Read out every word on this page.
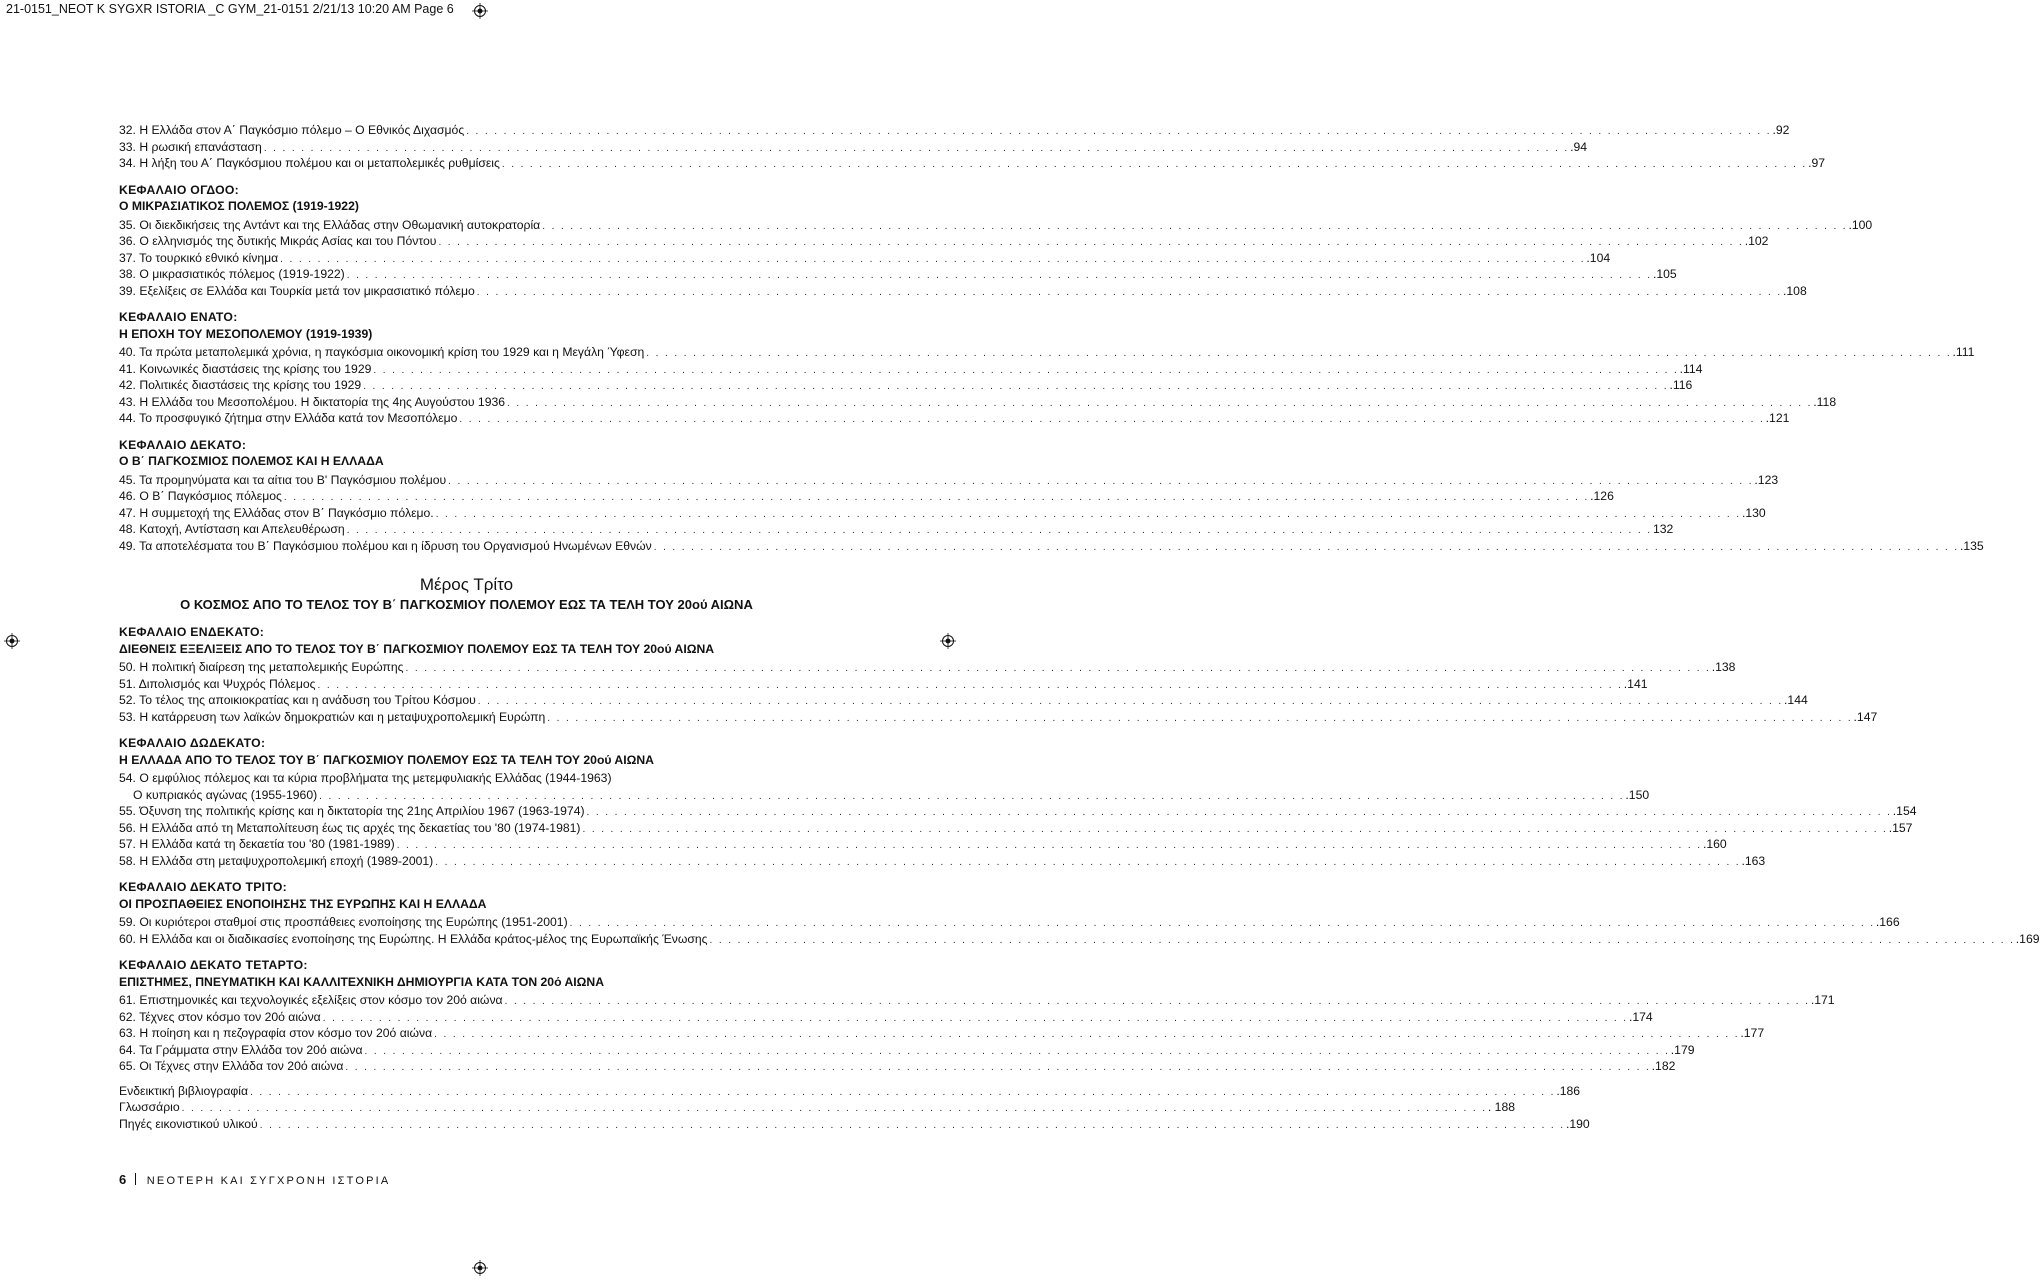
21-0151_NEOT K SYGXR ISTORIA _C GYM_21-0151 2/21/13 10:20 AM Page 6
32. Η Ελλάδα στον Α΄ Παγκόσμιο πόλεμο – Ο Εθνικός Διχασμός . . . . . . . . . . . . . . . . . . . . . . . . . . . . . . . . . . . . . . . . . . . . . . . . . . . . . . . . . . . . . . . . . . . . . . . . . . . . . . . . . . . . . . . . . . . . . . . . . . . . . . . . . . . . . . . . . . . . . . . . . . . . . . . . . . . . . . . . . . . . .92
33. Η ρωσική επανάσταση . . . . . . . . . . . . . . . . . . . . . . . . . . . . . . . . . . . . . . . . . . . . . . . . . . . . . . . . . . . . . . . . . . . . . . . . . . . . . . . . . . . . . . . . . . . . . . . . . . . . . . . . . . . . . . . . . . . . . . . . . . . . . . . . . . . . . . . . . . . . .94
34. Η λήξη του Α΄ Παγκόσμιου πολέμου και οι μεταπολεμικές ρυθμίσεις . . . . . . . . . . . . . . . . . . . . . . . . . . . . . . . . . . . . . . . . . . . . . . . . . . . . . . . . . . . . . . . . . . . . . . . . . . . . . . . . . . . . . . . . . . . . . . . . . . . . . . . . . . . . . . . . . . . . . . . . . . . . . . . . . . . . . . . . . . . . .97
ΚΕΦΑΛΑΙΟ ΟΓΔΟΟ:
Ο ΜΙΚΡΑΣΙΑΤΙΚΟΣ ΠΟΛΕΜΟΣ (1919-1922)
35. Οι διεκδικήσεις της Αντάντ και της Ελλάδας στην Οθωμανική αυτοκρατορία . . . . . . . . . . . . . . . . . . . . . . . . . . . . . . . . . . . . . . . . . . . . . . . . . . . . . . . . . . . . . . . . . . . . . . . . . . . . . . . . . . . . . . . . . . . . . . . . . . . . . . . . . . . . . . . . . . . . . . . . . . . . . . . . . . . . . . . . . . . . .100
36. Ο ελληνισμός της δυτικής Μικράς Ασίας και του Πόντου . . . . . . . . . . . . . . . . . . . . . . . . . . . . . . . . . . . . . . . . . . . . . . . . . . . . . . . . . . . . . . . . . . . . . . . . . . . . . . . . . . . . . . . . . . . . . . . . . . . . . . . . . . . . . . . . . . . . . . . . . . . . . . . . . . . . . . . . . . . . .102
37. Το τουρκικό εθνικό κίνημα . . . . . . . . . . . . . . . . . . . . . . . . . . . . . . . . . . . . . . . . . . . . . . . . . . . . . . . . . . . . . . . . . . . . . . . . . . . . . . . . . . . . . . . . . . . . . . . . . . . . . . . . . . . . . . . . . . . . . . . . . . . . . . . . . . . . . . . . . . . . .104
38. Ο μικρασιατικός πόλεμος (1919-1922) . . . . . . . . . . . . . . . . . . . . . . . . . . . . . . . . . . . . . . . . . . . . . . . . . . . . . . . . . . . . . . . . . . . . . . . . . . . . . . . . . . . . . . . . . . . . . . . . . . . . . . . . . . . . . . . . . . . . . . . . . . . . . . . . . . . . . . . . . . . . .105
39. Εξελίξεις σε Ελλάδα και Τουρκία μετά τον μικρασιατικό πόλεμο . . . . . . . . . . . . . . . . . . . . . . . . . . . . . . . . . . . . . . . . . . . . . . . . . . . . . . . . . . . . . . . . . . . . . . . . . . . . . . . . . . . . . . . . . . . . . . . . . . . . . . . . . . . . . . . . . . . . . . . . . . . . . . . . . . . . . . . . . . . . .108
ΚΕΦΑΛΑΙΟ ΕΝΑΤΟ:
Η ΕΠΟΧΗ ΤΟΥ ΜΕΣΟΠΟΛΕΜΟΥ (1919-1939)
40. Τα πρώτα μεταπολεμικά χρόνια, η παγκόσμια οικονομική κρίση του 1929 και η Μεγάλη Ύφεση . . . . . . . . . . . . . . . . . . . . . . . . . . . . . . . . . . . . . . . . . . . . . . . . . . . . . . . . . . . . . . . . . . . . . . . . . . . . . . . . . . . . . . . . . . . . . . . . . . . . . . . . . . . . . . . . . . . . . . . . . . . . . . . . . . . . . . . . . . . . .111
41. Κοινωνικές διαστάσεις της κρίσης του 1929 . . . . . . . . . . . . . . . . . . . . . . . . . . . . . . . . . . . . . . . . . . . . . . . . . . . . . . . . . . . . . . . . . . . . . . . . . . . . . . . . . . . . . . . . . . . . . . . . . . . . . . . . . . . . . . . . . . . . . . . . . . . . . . . . . . . . . . . . . . . . .114
42. Πολιτικές διαστάσεις της κρίσης του 1929 . . . . . . . . . . . . . . . . . . . . . . . . . . . . . . . . . . . . . . . . . . . . . . . . . . . . . . . . . . . . . . . . . . . . . . . . . . . . . . . . . . . . . . . . . . . . . . . . . . . . . . . . . . . . . . . . . . . . . . . . . . . . . . . . . . . . . . . . . . . . .116
43. Η Ελλάδα του Μεσοπολέμου. Η δικτατορία της 4ης Αυγούστου 1936 . . . . . . . . . . . . . . . . . . . . . . . . . . . . . . . . . . . . . . . . . . . . . . . . . . . . . . . . . . . . . . . . . . . . . . . . . . . . . . . . . . . . . . . . . . . . . . . . . . . . . . . . . . . . . . . . . . . . . . . . . . . . . . . . . . . . . . . . . . . . .118
44. Το προσφυγικό ζήτημα στην Ελλάδα κατά τον Μεσοπόλεμο . . . . . . . . . . . . . . . . . . . . . . . . . . . . . . . . . . . . . . . . . . . . . . . . . . . . . . . . . . . . . . . . . . . . . . . . . . . . . . . . . . . . . . . . . . . . . . . . . . . . . . . . . . . . . . . . . . . . . . . . . . . . . . . . . . . . . . . . . . . . .121
ΚΕΦΑΛΑΙΟ ΔΕΚΑΤΟ:
Ο Β΄ ΠΑΓΚΟΣΜΙΟΣ ΠΟΛΕΜΟΣ ΚΑΙ Η ΕΛΛΑΔΑ
45. Τα προμηνύματα και τα αίτια του Β' Παγκόσμιου πολέμου . . . . . . . . . . . . . . . . . . . . . . . . . . . . . . . . . . . . . . . . . . . . . . . . . . . . . . . . . . . . . . . . . . . . . . . . . . . . . . . . . . . . . . . . . . . . . . . . . . . . . . . . . . . . . . . . . . . . . . . . . . . . . . . . . . . . . . . . . . . . .123
46. Ο Β΄ Παγκόσμιος πόλεμος . . . . . . . . . . . . . . . . . . . . . . . . . . . . . . . . . . . . . . . . . . . . . . . . . . . . . . . . . . . . . . . . . . . . . . . . . . . . . . . . . . . . . . . . . . . . . . . . . . . . . . . . . . . . . . . . . . . . . . . . . . . . . . . . . . . . . . . . . . . . .126
47. Η συμμετοχή της Ελλάδας στον Β΄ Παγκόσμιο πόλεμο. . . . . . . . . . . . . . . . . . . . . . . . . . . . . . . . . . . . . . . . . . . . . . . . . . . . . . . . . . . . . . . . . . . . . . . . . . . . . . . . . . . . . . . . . . . . . . . . . . . . . . . . . . . . . . . . . . . . . . . . . . . . . . . . . . . . . . . . . . . . . .130
48. Κατοχή, Αντίσταση και Απελευθέρωση . . . . . . . . . . . . . . . . . . . . . . . . . . . . . . . . . . . . . . . . . . . . . . . . . . . . . . . . . . . . . . . . . . . . . . . . . . . . . . . . . . . . . . . . . . . . . . . . . . . . . . . . . . . . . . . . . . . . . . . . . . . . . . . . . . . . . . . . . . . . 132
49. Τα αποτελέσματα του Β΄ Παγκόσμιου πολέμου και η ίδρυση του Οργανισμού Ηνωμένων Εθνών . . . . . . . . . . . . . . . . . . . . . . . . . . . . . . . . . . . . . . . . . . . . . . . . . . . . . . . . . . . . . . . . . . . . . . . . . . . . . . . . . . . . . . . . . . . . . . . . . . . . . . . . . . . . . . . . . . . . . . . . . . . . . . . . . . . . . . . . . . . . .135
Μέρος Τρίτο
Ο ΚΟΣΜΟΣ ΑΠΟ ΤΟ ΤΕΛΟΣ ΤΟΥ Β΄ ΠΑΓΚΟΣΜΙΟΥ ΠΟΛΕΜΟΥ ΕΩΣ ΤΑ ΤΕΛΗ ΤΟΥ 20ού ΑΙΩΝΑ
ΚΕΦΑΛΑΙΟ ΕΝΔΕΚΑΤΟ:
ΔΙΕΘΝΕΙΣ ΕΞΕΛΙΞΕΙΣ ΑΠΟ ΤΟ ΤΕΛΟΣ ΤΟΥ Β΄ ΠΑΓΚΟΣΜΙΟΥ ΠΟΛΕΜΟΥ ΕΩΣ ΤΑ ΤΕΛΗ ΤΟΥ 20ού ΑΙΩΝΑ
50. Η πολιτική διαίρεση της μεταπολεμικής Ευρώπης . . . . . . . . . . . . . . . . . . . . . . . . . . . . . . . . . . . . . . . . . . . . . . . . . . . . . . . . . . . . . . . . . . . . . . . . . . . . . . . . . . . . . . . . . . . . . . . . . . . . . . . . . . . . . . . . . . . . . . . . . . . . . . . . . . . . . . . . . . . . .138
51. Διπολισμός και Ψυχρός Πόλεμος . . . . . . . . . . . . . . . . . . . . . . . . . . . . . . . . . . . . . . . . . . . . . . . . . . . . . . . . . . . . . . . . . . . . . . . . . . . . . . . . . . . . . . . . . . . . . . . . . . . . . . . . . . . . . . . . . . . . . . . . . . . . . . . . . . . . . . . . . . . . .141
52. Το τέλος της αποικιοκρατίας και η ανάδυση του Τρίτου Κόσμου . . . . . . . . . . . . . . . . . . . . . . . . . . . . . . . . . . . . . . . . . . . . . . . . . . . . . . . . . . . . . . . . . . . . . . . . . . . . . . . . . . . . . . . . . . . . . . . . . . . . . . . . . . . . . . . . . . . . . . . . . . . . . . . . . . . . . . . . . . . . .144
53. Η κατάρρευση των λαϊκών δημοκρατιών και η μεταψυχροπολεμική Ευρώπη . . . . . . . . . . . . . . . . . . . . . . . . . . . . . . . . . . . . . . . . . . . . . . . . . . . . . . . . . . . . . . . . . . . . . . . . . . . . . . . . . . . . . . . . . . . . . . . . . . . . . . . . . . . . . . . . . . . . . . . . . . . . . . . . . . . . . . . . . . . . .147
ΚΕΦΑΛΑΙΟ ΔΩΔΕΚΑΤΟ:
Η ΕΛΛΑΔΑ ΑΠΟ ΤΟ ΤΕΛΟΣ ΤΟΥ Β΄ ΠΑΓΚΟΣΜΙΟΥ ΠΟΛΕΜΟΥ ΕΩΣ ΤΑ ΤΕΛΗ ΤΟΥ 20ού ΑΙΩΝΑ
54. Ο εμφύλιος πόλεμος και τα κύρια προβλήματα της μετεμφυλιακής Ελλάδας (1944-1963)
Ο κυπριακός αγώνας (1955-1960) . . . . . . . . . . . . . . . . . . . . . . . . . . . . . . . . . . . . . . . . . . . . . . . . . . . . . . . . . . . . . . . . . . . . . . . . . . . . . . . . . . . . . . . . . . . . . . . . . . . . . . . . . . . . . . . . . . . . . . . . . . . . . . . . . . . . . . . . . . . . .150
55. Όξυνση της πολιτικής κρίσης και η δικτατορία της 21ης Απριλίου 1967 (1963-1974) . . . . . . . . . . . . . . . . . . . . . . . . . . . . . . . . . . . . . . . . . . . . . . . . . . . . . . . . . . . . . . . . . . . . . . . . . . . . . . . . . . . . . . . . . . . . . . . . . . . . . . . . . . . . . . . . . . . . . . . . . . . . . . . . . . . . . . . . . . . . .154
56. Η Ελλάδα από τη Μεταπολίτευση έως τις αρχές της δεκαετίας του '80 (1974-1981) . . . . . . . . . . . . . . . . . . . . . . . . . . . . . . . . . . . . . . . . . . . . . . . . . . . . . . . . . . . . . . . . . . . . . . . . . . . . . . . . . . . . . . . . . . . . . . . . . . . . . . . . . . . . . . . . . . . . . . . . . . . . . . . . . . . . . . . . . . . . .157
57. Η Ελλάδα κατά τη δεκαετία του '80 (1981-1989) . . . . . . . . . . . . . . . . . . . . . . . . . . . . . . . . . . . . . . . . . . . . . . . . . . . . . . . . . . . . . . . . . . . . . . . . . . . . . . . . . . . . . . . . . . . . . . . . . . . . . . . . . . . . . . . . . . . . . . . . . . . . . . . . . . . . . . . . . . . . .160
58. Η Ελλάδα στη μεταψυχροπολεμική εποχή (1989-2001) . . . . . . . . . . . . . . . . . . . . . . . . . . . . . . . . . . . . . . . . . . . . . . . . . . . . . . . . . . . . . . . . . . . . . . . . . . . . . . . . . . . . . . . . . . . . . . . . . . . . . . . . . . . . . . . . . . . . . . . . . . . . . . . . . . . . . . . . . . . . .163
ΚΕΦΑΛΑΙΟ ΔΕΚΑΤΟ ΤΡΙΤΟ:
ΟΙ ΠΡΟΣΠΑΘΕΙΕΣ ΕΝΟΠΟΙΗΣΗΣ ΤΗΣ ΕΥΡΩΠΗΣ ΚΑΙ Η ΕΛΛΑΔΑ
59. Οι κυριότεροι σταθμοί στις προσπάθειες ενοποίησης της Ευρώπης (1951-2001) . . . . . . . . . . . . . . . . . . . . . . . . . . . . . . . . . . . . . . . . . . . . . . . . . . . . . . . . . . . . . . . . . . . . . . . . . . . . . . . . . . . . . . . . . . . . . . . . . . . . . . . . . . . . . . . . . . . . . . . . . . . . . . . . . . . . . . . . . . . . .166
60. Η Ελλάδα και οι διαδικασίες ενοποίησης της Ευρώπης. Η Ελλάδα κράτος-μέλος της Ευρωπαϊκής Ένωσης . . . . . . . . . . . . . . . . . . . . . . . . . . . . . . . . . . . . . . . . . . . . . . . . . . . . . . . . . . . . . . . . . . . . . . . . . . . . . . . . . . . . . . . . . . . . . . . . . . . . . . . . . . . . . . . . . . . . . . . . . . . . . . . . . . . . . . . . . . . . .169
ΚΕΦΑΛΑΙΟ ΔΕΚΑΤΟ ΤΕΤΑΡΤΟ:
ΕΠΙΣΤΗΜΕΣ, ΠΝΕΥΜΑΤΙΚΗ ΚΑΙ ΚΑΛΛΙΤΕΧΝΙΚΗ ΔΗΜΙΟΥΡΓΙΑ ΚΑΤΑ ΤΟΝ 20ό ΑΙΩΝΑ
61. Επιστημονικές και τεχνολογικές εξελίξεις στον κόσμο τον 20ό αιώνα . . . . . . . . . . . . . . . . . . . . . . . . . . . . . . . . . . . . . . . . . . . . . . . . . . . . . . . . . . . . . . . . . . . . . . . . . . . . . . . . . . . . . . . . . . . . . . . . . . . . . . . . . . . . . . . . . . . . . . . . . . . . . . . . . . . . . . . . . . . . .171
62. Τέχνες στον κόσμο τον 20ό αιώνα . . . . . . . . . . . . . . . . . . . . . . . . . . . . . . . . . . . . . . . . . . . . . . . . . . . . . . . . . . . . . . . . . . . . . . . . . . . . . . . . . . . . . . . . . . . . . . . . . . . . . . . . . . . . . . . . . . . . . . . . . . . . . . . . . . . . . . . . . . . . .174
63. Η ποίηση και η πεζογραφία στον κόσμο τον 20ό αιώνα . . . . . . . . . . . . . . . . . . . . . . . . . . . . . . . . . . . . . . . . . . . . . . . . . . . . . . . . . . . . . . . . . . . . . . . . . . . . . . . . . . . . . . . . . . . . . . . . . . . . . . . . . . . . . . . . . . . . . . . . . . . . . . . . . . . . . . . . . . . . .177
64. Τα Γράμματα στην Ελλάδα τον 20ό αιώνα . . . . . . . . . . . . . . . . . . . . . . . . . . . . . . . . . . . . . . . . . . . . . . . . . . . . . . . . . . . . . . . . . . . . . . . . . . . . . . . . . . . . . . . . . . . . . . . . . . . . . . . . . . . . . . . . . . . . . . . . . . . . . . . . . . . . . . . . . . . . .179
65. Οι Τέχνες στην Ελλάδα τον 20ό αιώνα . . . . . . . . . . . . . . . . . . . . . . . . . . . . . . . . . . . . . . . . . . . . . . . . . . . . . . . . . . . . . . . . . . . . . . . . . . . . . . . . . . . . . . . . . . . . . . . . . . . . . . . . . . . . . . . . . . . . . . . . . . . . . . . . . . . . . . . . . . . . .182
Ενδεικτική βιβλιογραφία . . . . . . . . . . . . . . . . . . . . . . . . . . . . . . . . . . . . . . . . . . . . . . . . . . . . . . . . . . . . . . . . . . . . . . . . . . . . . . . . . . . . . . . . . . . . . . . . . . . . . . . . . . . . . . . . . . . . . . . . . . . . . . . . . . . . . . . . . . . . .186
Γλωσσάριο . . . . . . . . . . . . . . . . . . . . . . . . . . . . . . . . . . . . . . . . . . . . . . . . . . . . . . . . . . . . . . . . . . . . . . . . . . . . . . . . . . . . . . . . . . . . . . . . . . . . . . . . . . . . . . . . . . . . . . . . . . . . . . . . . . . . . . . . . . . . . 188
Πηγές εικονιστικού υλικού . . . . . . . . . . . . . . . . . . . . . . . . . . . . . . . . . . . . . . . . . . . . . . . . . . . . . . . . . . . . . . . . . . . . . . . . . . . . . . . . . . . . . . . . . . . . . . . . . . . . . . . . . . . . . . . . . . . . . . . . . . . . . . . . . . . . . . . . . . . . .190
6 ΝΕΟΤΕΡΗ ΚΑΙ ΣΥΓΧΡΟΝΗ ΙΣΤΟΡΙΑ
